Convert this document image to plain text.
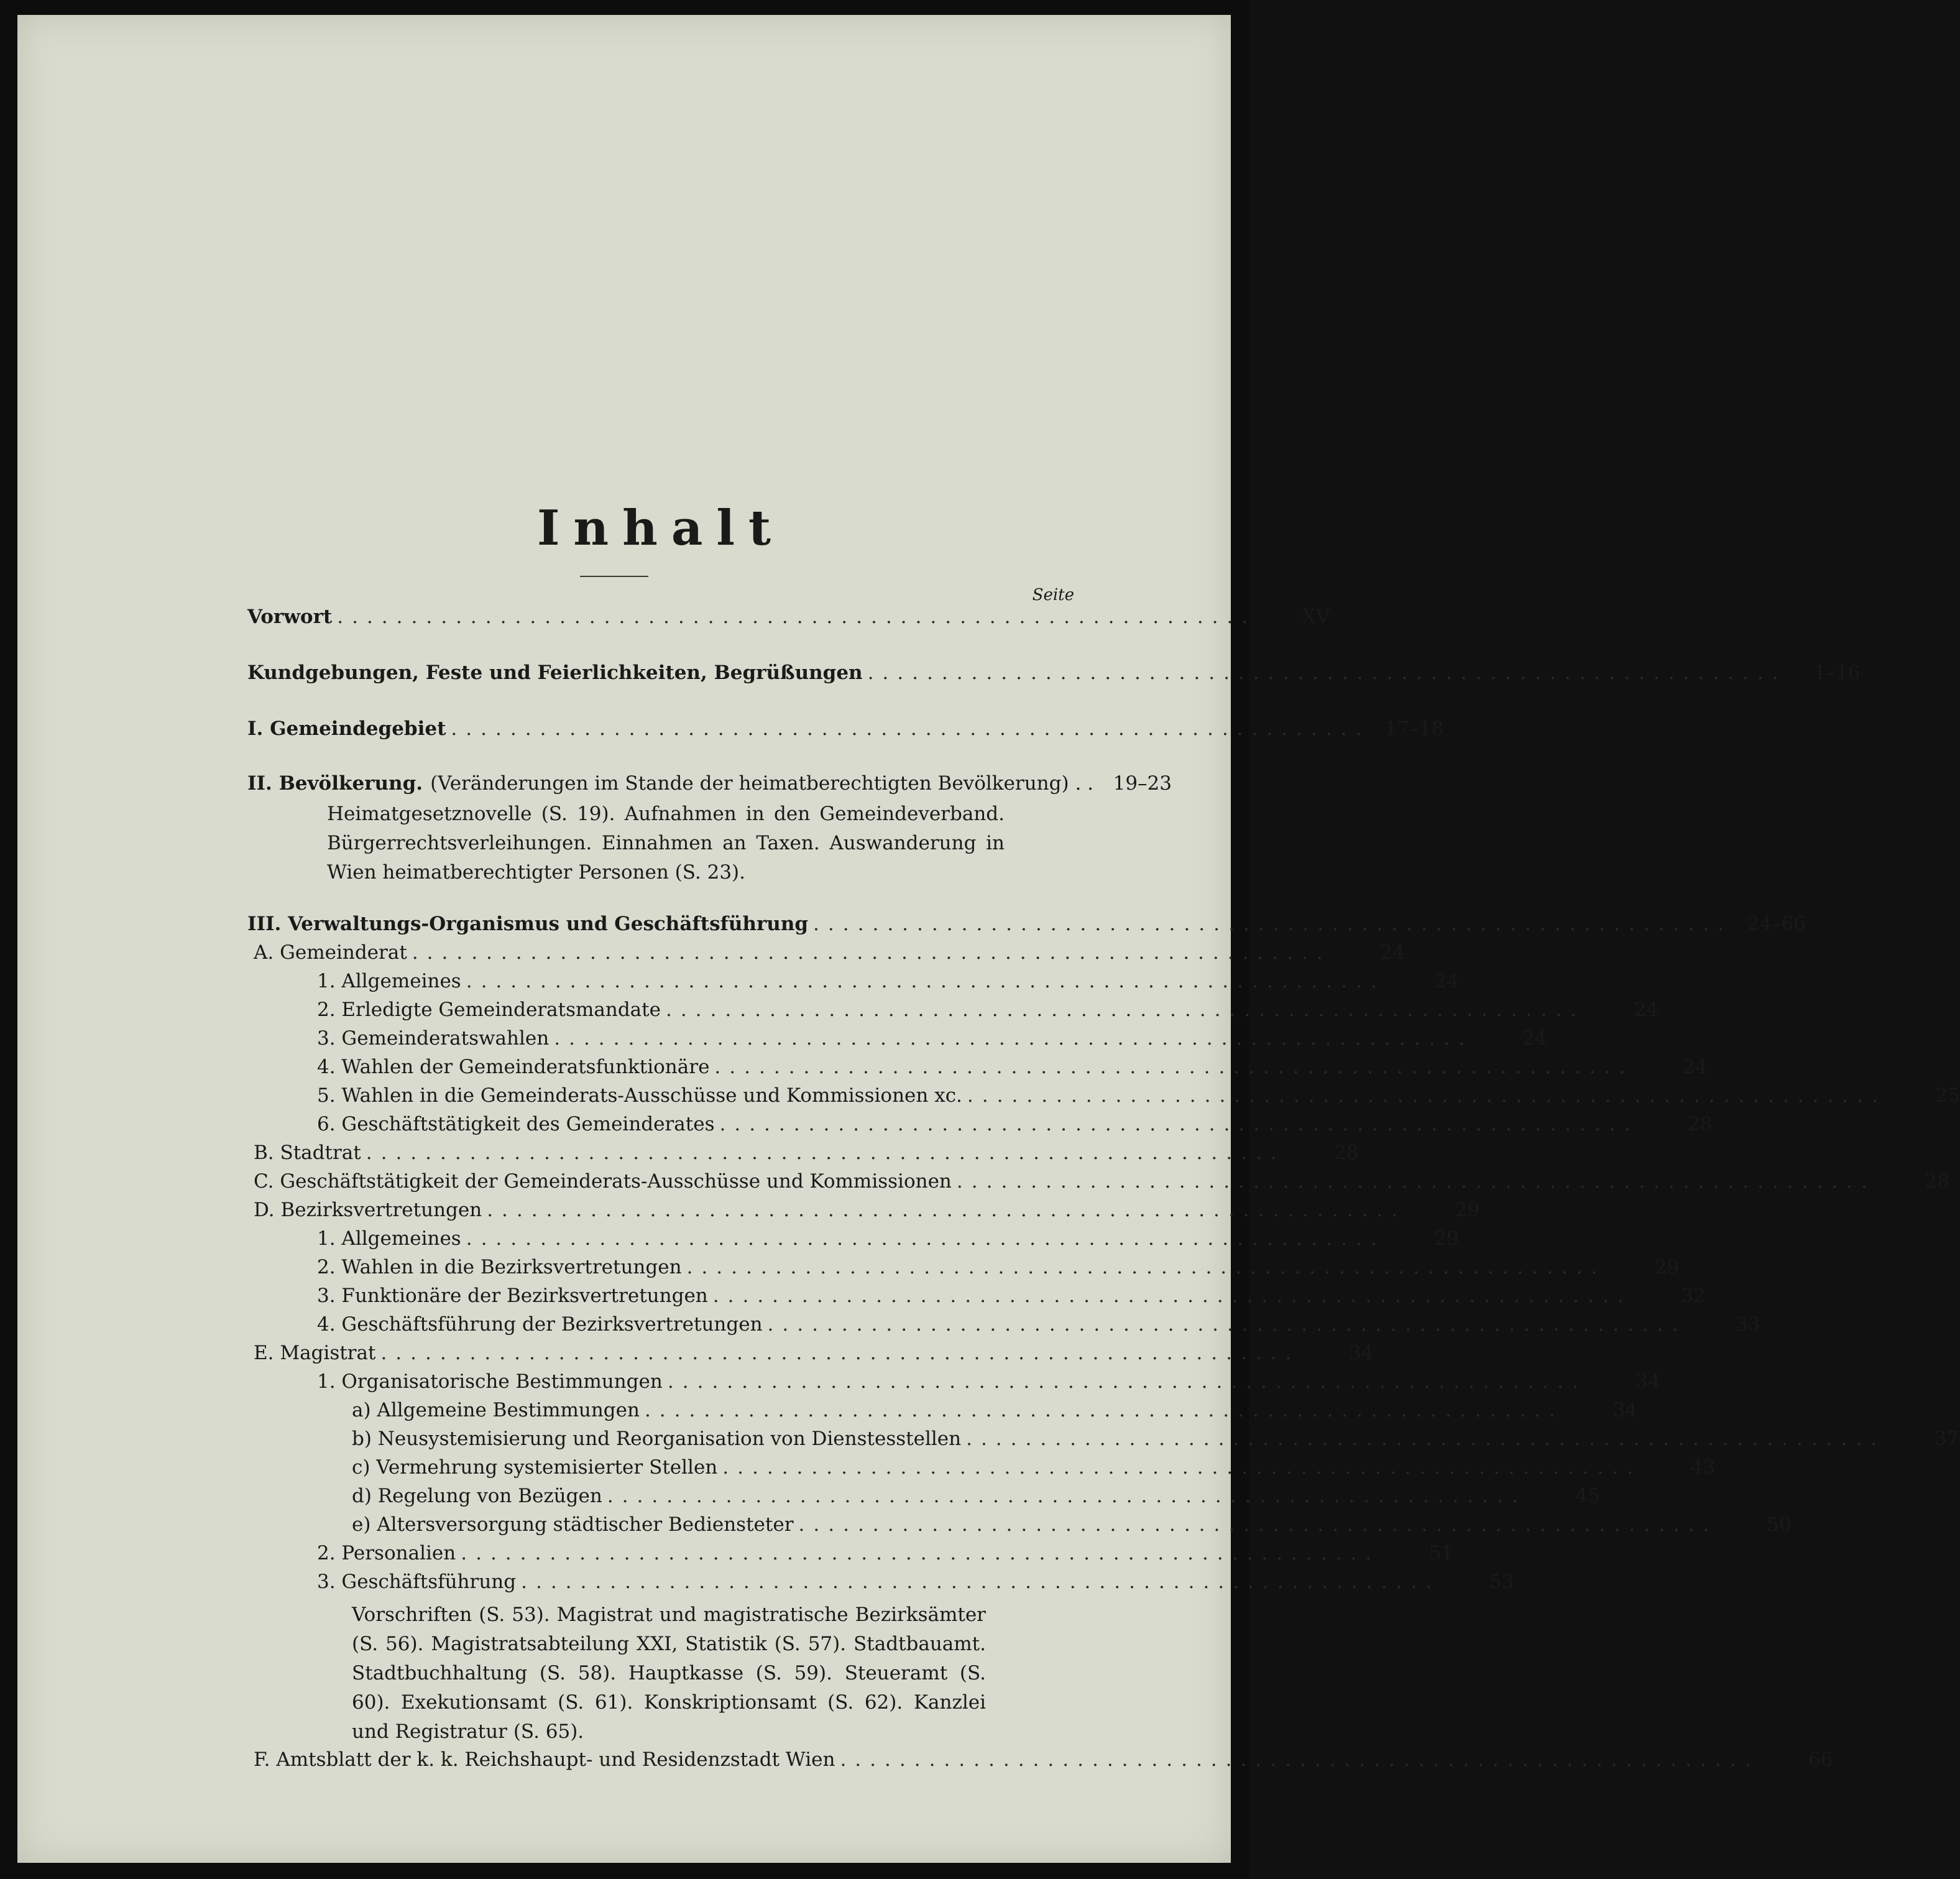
Inhalt
Seite
Vorwort ..............................................................	XV
Kundgebungen, Feste und Feierlichkeiten, Begrüßungen ..............................................................	1–16
I. Gemeindegebiet .............................................................. 17–18
II. Bevölkerung. (Veränderungen im Stande der heimatberechtigten Bevölkerung) . .	19–23
Heimatgesetznovelle (S. 19). Aufnahmen in den Gemeindeverband. Bürgerrechtsverleihungen. Einnahmen an Taxen. Auswanderung in Wien heimatberechtigter Personen (S. 23).
III. Verwaltungs-Organismus und Geschäftsführung .............................................................. 24–66
A. Gemeinderat ..............................................................	24
1. Allgemeines ..............................................................	24
2. Erledigte Gemeinderatsmandate ..............................................................	24
3. Gemeinderatswahlen ..............................................................	24
4. Wahlen der Gemeinderatsfunktionäre ..............................................................	24
5. Wahlen in die Gemeinderats-Ausschüsse und Kommissionen xc. ..............................................................	25
6. Geschäftstätigkeit des Gemeinderates ..............................................................	28
B. Stadtrat ..............................................................	28
C. Geschäftstätigkeit der Gemeinderats-Ausschüsse und Kommissionen ..............................................................	28
D. Bezirksvertretungen ..............................................................	29
1. Allgemeines ..............................................................	29
2. Wahlen in die Bezirksvertretungen ..............................................................	29
3. Funktionäre der Bezirksvertretungen ..............................................................	32
4. Geschäftsführung der Bezirksvertretungen ..............................................................	33
E. Magistrat ..............................................................	34
1. Organisatorische Bestimmungen ..............................................................	34
a) Allgemeine Bestimmungen ..............................................................	34
b) Neusystemisierung und Reorganisation von Dienstesstellen ..............................................................	37
c) Vermehrung systemisierter Stellen ..............................................................	43
d) Regelung von Bezügen ..............................................................	45
e) Altersversorgung städtischer Bediensteter ..............................................................	50
2. Personalien ..............................................................	51
3. Geschäftsführung ..............................................................	53
Vorschriften (S. 53). Magistrat und magistratische Bezirksämter (S. 56). Magistratsabteilung XXI, Statistik (S. 57). Stadtbauamt. Stadtbuchhaltung (S. 58). Hauptkasse (S. 59). Steueramt (S. 60). Exekutionsamt (S. 61). Konskriptionsamt (S. 62). Kanzlei und Registratur (S. 65).
F. Amtsblatt der k. k. Reichshaupt- und Residenzstadt Wien ..............................................................	66
